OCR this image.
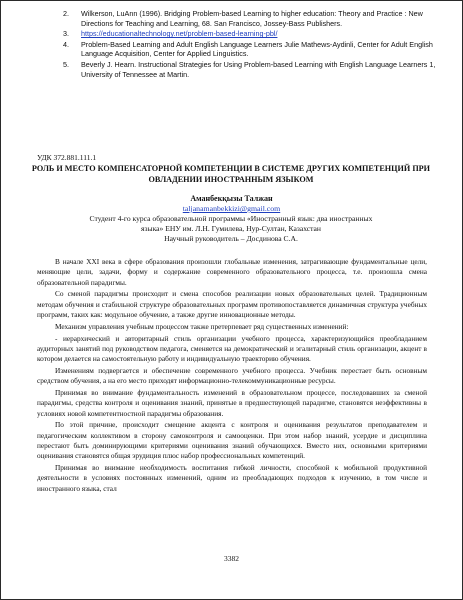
2.	Wilkerson, LuAnn (1996). Bridging Problem-based Learning to higher education: Theory and Practice : New Directions for Teaching and Learning, 68. San Francisco, Jossey-Bass Publishers.
3.	https://educationaltechnology.net/problem-based-learning-pbl/
4.	Problem-Based Learning and Adult English Language Learners Julie Mathews-Aydinli, Center for Adult English Language Acquisition, Center for Applied Linguistics.
5.	Beverly J. Hearn. Instructional Strategies for Using Problem-based Learning with English Language Learners 1, University of Tennessee at Martin.
УДК 372.881.111.1
РОЛЬ И МЕСТО КОМПЕНСАТОРНОЙ КОМПЕТЕНЦИИ В СИСТЕМЕ ДРУГИХ КОМПЕТЕНЦИЙ ПРИ ОВЛАДЕНИИ ИНОСТРАННЫМ ЯЗЫКОМ
Аманбекқызы Талжан
taljanamanbekkizi@gmail.com
Студент 4-го курса образовательной программы «Иностранный язык: два иностранных языка» ЕНУ им. Л.Н. Гумилева, Нур-Султан, Казахстан
Научный руководитель – Досдинова С.А.

В начале XXI века в сфере образования произошли глобальные изменения, затрагивающие фундаментальные цели, меняющие цели, задачи, форму и содержание современного образовательного процесса, т.е. произошла смена образовательной парадигмы.

Со сменой парадигмы происходит и смена способов реализации новых образовательных целей. Традиционным методам обучения и стабильной структуре образовательных программ противопоставляется динамичная структура учебных программ, таких как: модульное обучение, а также другие инновационные методы.

Механизм управления учебным процессом также претерпевает ряд существенных изменений:

- иерархический и авторитарный стиль организации учебного процесса, характеризующийся преобладанием аудиторных занятий под руководством педагога, сменяется на демократический и эгалитарный стиль организации, акцент в котором делается на самостоятельную работу и индивидуальную траекторию обучения.

Изменениям подвергается и обеспечение современного учебного процесса. Учебник перестает быть основным средством обучения, а на его место приходят информационно-телекоммуникационные ресурсы.

Принимая во внимание фундаментальность изменений в образовательном процессе, последовавших за сменой парадигмы, средства контроля и оценивания знаний, принятые в предшествующей парадигме, становятся неэффективны в условиях новой компетентностной парадигмы образования.

По этой причине, происходит смещение акцента с контроля и оценивания результатов преподавателем и педагогическим коллективом в сторону самоконтроля и самооценки. При этом набор знаний, усердие и дисциплина перестают быть доминирующими критериями оценивания знаний обучающихся. Вместо них, основными критериями оценивания становятся общая эрудиция плюс набор профессиональных компетенций.

Принимая во внимание необходимость воспитания гибкой личности, способной к мобильной продуктивной деятельности в условиях постоянных изменений, одним из преобладающих подходов к изучению, в том числе и иностранного языка, стал

3382
